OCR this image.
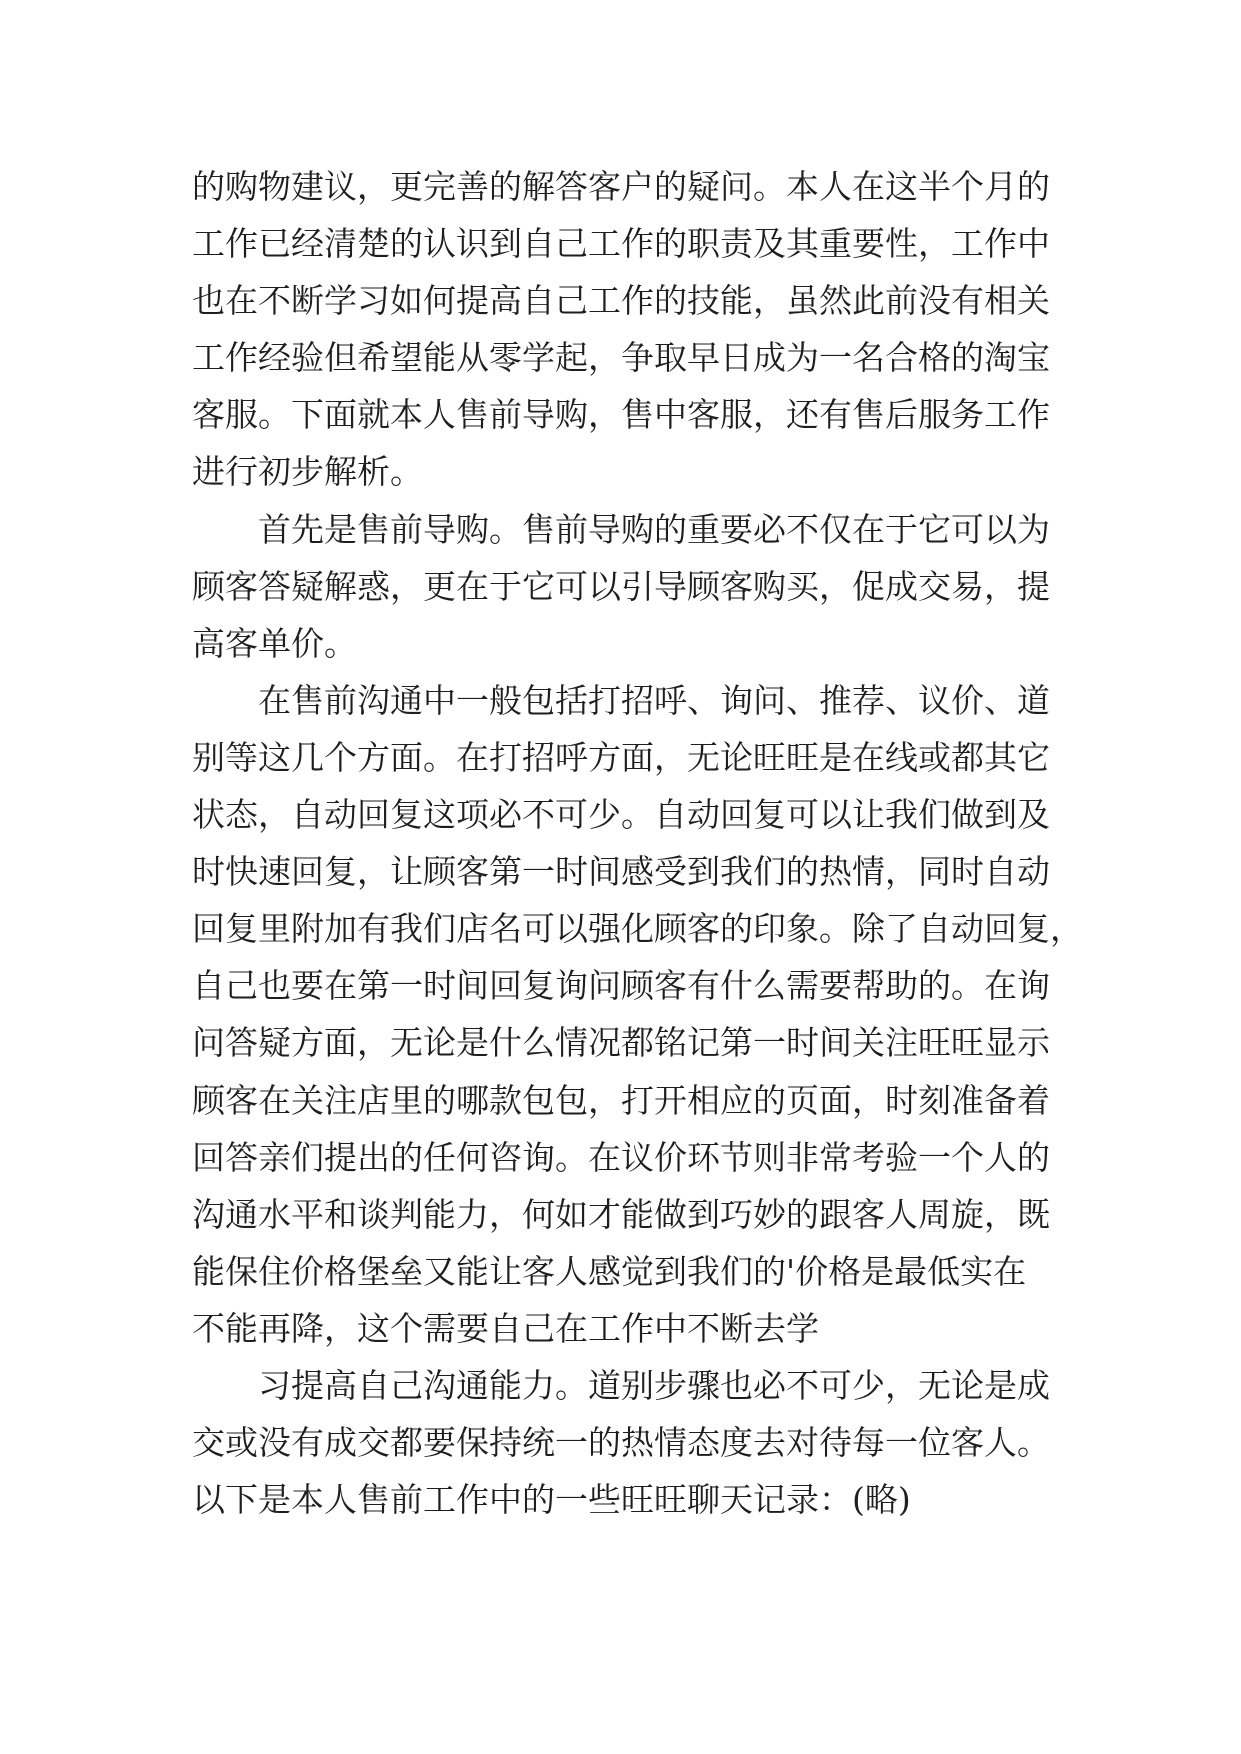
的购物建议，更完善的解答客户的疑问。本人在这半个月的

工作已经清楚的认识到自己工作的职责及其重要性，工作中

也在不断学习如何提高自己工作的技能，虽然此前没有相关

工作经验但希望能从零学起，争取早日成为一名合格的淘宝

客服。下面就本人售前导购，售中客服，还有售后服务工作

进行初步解析。

首先是售前导购。售前导购的重要必不仅在于它可以为

顾客答疑解惑，更在于它可以引导顾客购买，促成交易，提

高客单价。

在售前沟通中一般包括打招呼、询问、推荐、议价、道

别等这几个方面。在打招呼方面，无论旺旺是在线或都其它

状态，自动回复这项必不可少。自动回复可以让我们做到及

时快速回复，让顾客第一时间感受到我们的热情，同时自动

回复里附加有我们店名可以强化顾客的印象。除了自动回复，

自己也要在第一时间回复询问顾客有什么需要帮助的。在询

问答疑方面，无论是什么情况都铭记第一时间关注旺旺显示

顾客在关注店里的哪款包包，打开相应的页面，时刻准备着

回答亲们提出的任何咨询。在议价环节则非常考验一个人的

沟通水平和谈判能力，何如才能做到巧妙的跟客人周旋，既

能保住价格堡垒又能让客人感觉到我们的'价格是最低实在

不能再降，这个需要自己在工作中不断去学

习提高自己沟通能力。道别步骤也必不可少，无论是成

交或没有成交都要保持统一的热情态度去对待每一位客人。

以下是本人售前工作中的一些旺旺聊天记录：(略)
